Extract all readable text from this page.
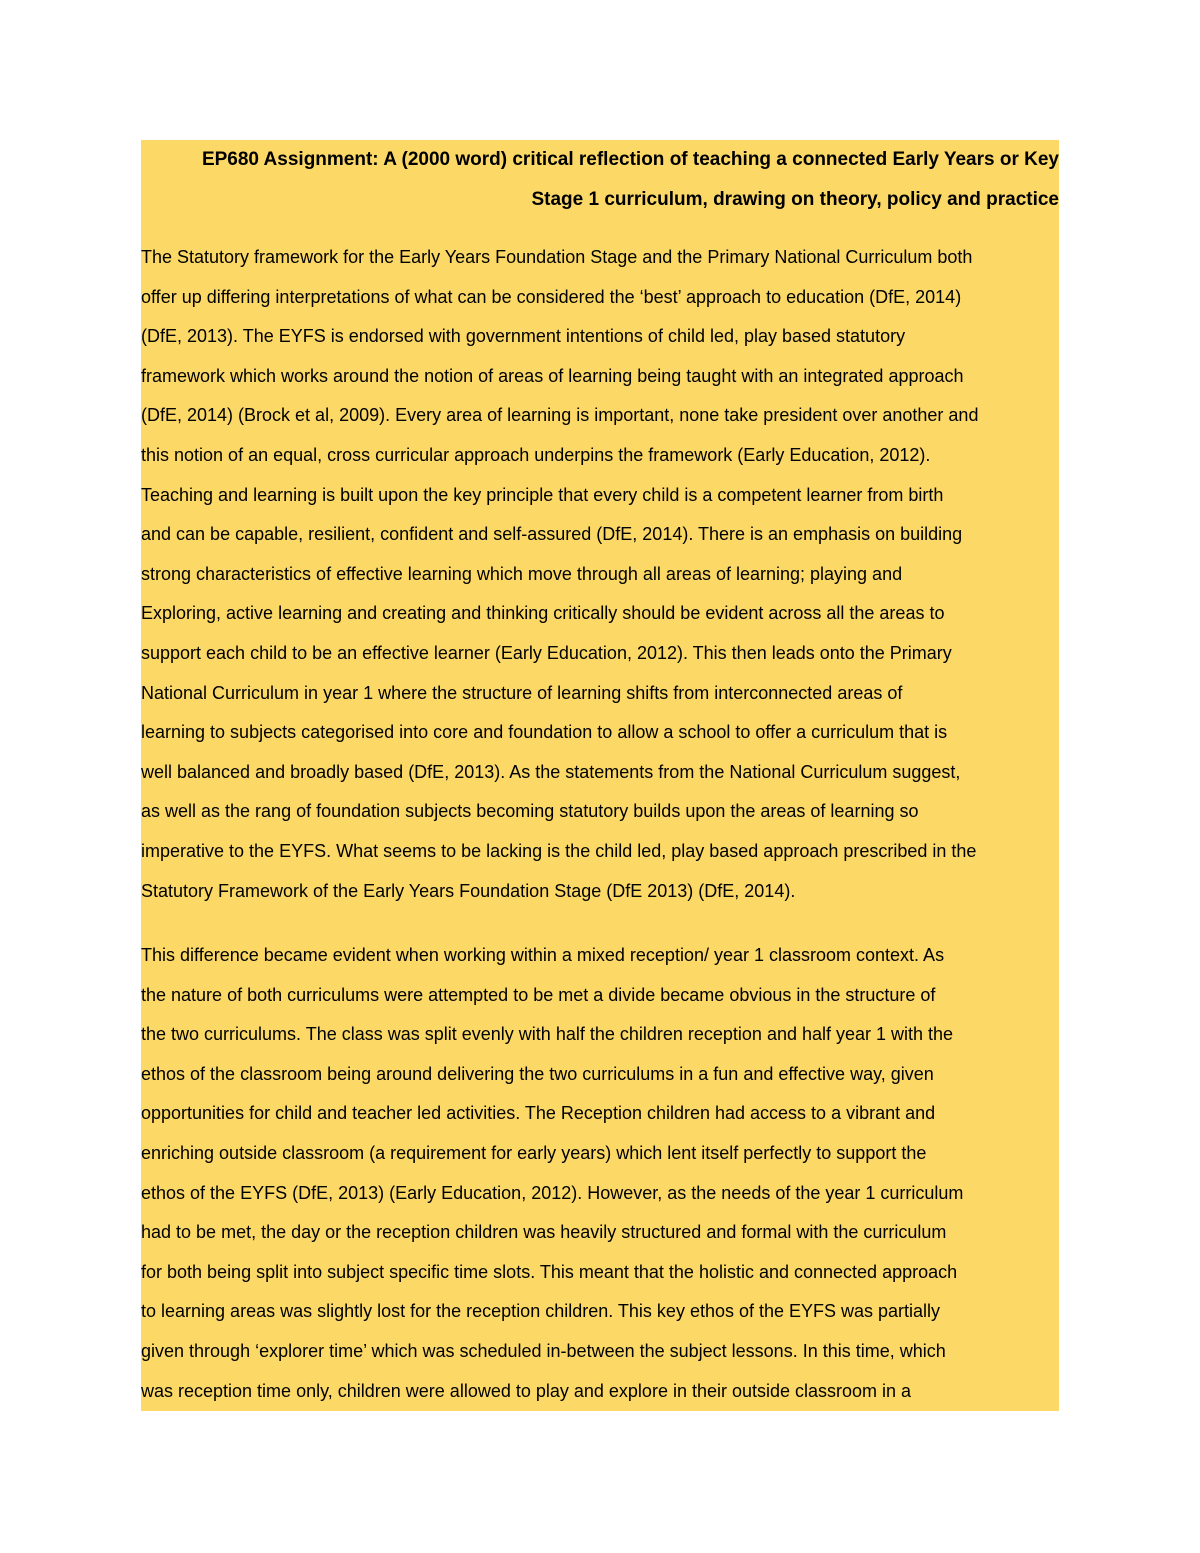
EP680 Assignment: A (2000 word) critical reflection of teaching a connected Early Years or Key
Stage 1 curriculum, drawing on theory, policy and practice
The Statutory framework for the Early Years Foundation Stage and the Primary National Curriculum both
offer up differing interpretations of what can be considered the ‘best’ approach to education (DfE, 2014)
(DfE, 2013). The EYFS is endorsed with government intentions of child led, play based statutory
framework which works around the notion of areas of learning being taught with an integrated approach
(DfE, 2014) (Brock et al, 2009). Every area of learning is important, none take president over another and
this notion of an equal, cross curricular approach underpins the framework (Early Education, 2012).
Teaching and learning is built upon the key principle that every child is a competent learner from birth
and can be capable, resilient, confident and self-assured (DfE, 2014). There is an emphasis on building
strong characteristics of effective learning which move through all areas of learning; playing and
Exploring, active learning and creating and thinking critically should be evident across all the areas to
support each child to be an effective learner (Early Education, 2012). This then leads onto the Primary
National Curriculum in year 1 where the structure of learning shifts from interconnected areas of
learning to subjects categorised into core and foundation to allow a school to offer a curriculum that is
well balanced and broadly based (DfE, 2013). As the statements from the National Curriculum suggest,
as well as the rang of foundation subjects becoming statutory builds upon the areas of learning so
imperative to the EYFS. What seems to be lacking is the child led, play based approach prescribed in the
Statutory Framework of the Early Years Foundation Stage (DfE 2013) (DfE, 2014).
This difference became evident when working within a mixed reception/ year 1 classroom context. As
the nature of both curriculums were attempted to be met a divide became obvious in the structure of
the two curriculums. The class was split evenly with half the children reception and half year 1 with the
ethos of the classroom being around delivering the two curriculums in a fun and effective way, given
opportunities for child and teacher led activities. The Reception children had access to a vibrant and
enriching outside classroom (a requirement for early years) which lent itself perfectly to support the
ethos of the EYFS (DfE, 2013) (Early Education, 2012). However, as the needs of the year 1 curriculum
had to be met, the day or the reception children was heavily structured and formal with the curriculum
for both being split into subject specific time slots. This meant that the holistic and connected approach
to learning areas was slightly lost for the reception children. This key ethos of the EYFS was partially
given through ‘explorer time’ which was scheduled in-between the subject lessons. In this time, which
was reception time only, children were allowed to play and explore in their outside classroom in a
